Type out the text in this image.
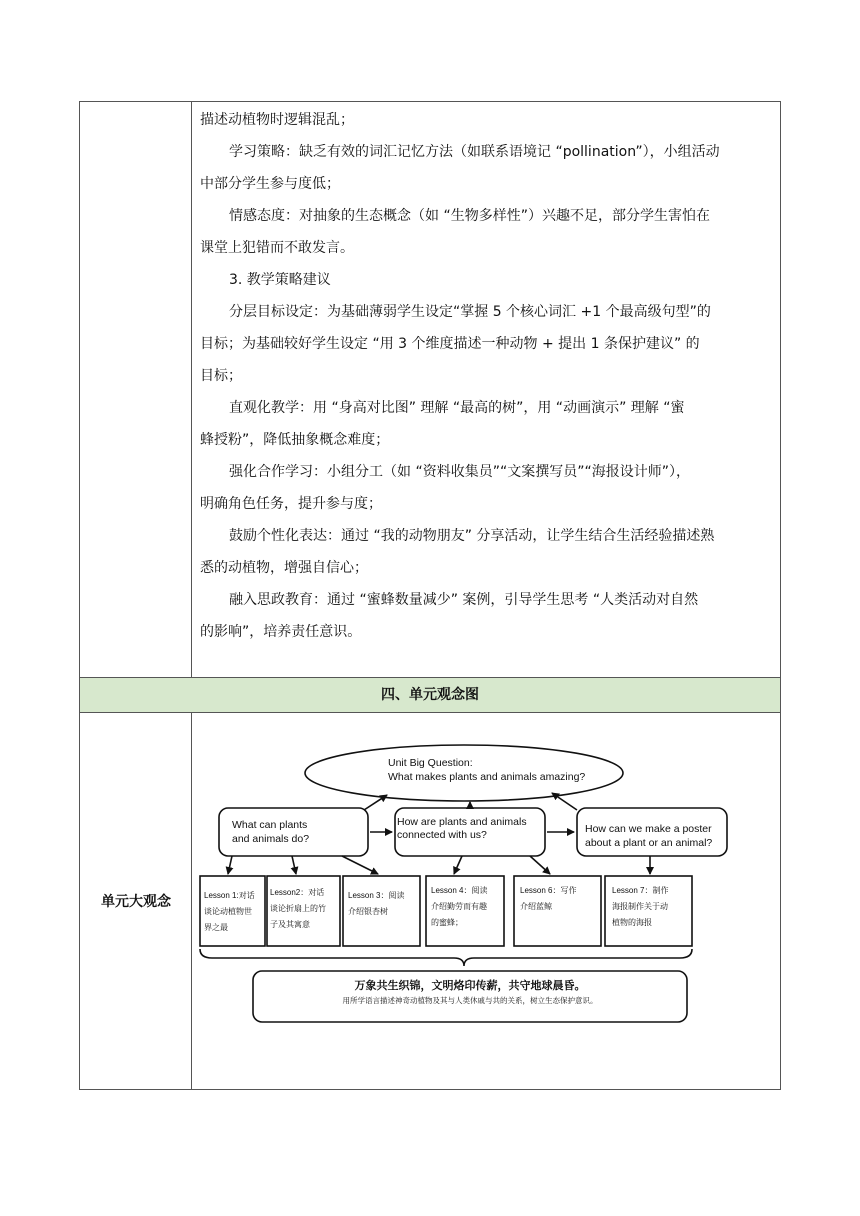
描述动植物时逻辑混乱；

学习策略：缺乏有效的词汇记忆方法（如联系语境记 “pollination”），小组活动

中部分学生参与度低；

情感态度：对抽象的生态概念（如 “生物多样性”）兴趣不足，部分学生害怕在

课堂上犯错而不敢发言。

3. 教学策略建议

分层目标设定：为基础薄弱学生设定“掌握 5 个核心词汇 +1 个最高级句型”的

目标；为基础较好学生设定 “用 3 个维度描述一种动物 + 提出 1 条保护建议” 的

目标；

直观化教学：用 “身高对比图” 理解 “最高的树”，用 “动画演示” 理解 “蜜

蜂授粉”，降低抽象概念难度；

强化合作学习：小组分工（如 “资料收集员”“文案撰写员”“海报设计师”），

明确角色任务，提升参与度；

鼓励个性化表达：通过 “我的动物朋友” 分享活动，让学生结合生活经验描述熟

悉的动植物，增强自信心；

融入思政教育：通过 “蜜蜂数量减少” 案例，引导学生思考 “人类活动对自然

的影响”，培养责任意识。

四、单元观念图
单元大观念
Unit Big Question:
What makes plants and animals amazing?
What can plants
and animals do?
How are plants and animals
connected with us?	How can we make a poster
about a plant or an animal?
Lesson 1:对话
谈论动植物世
界之最
Lesson2：对话
谈论折扇上的竹
子及其寓意
Lesson 3：阅读
介绍银杏树
Lesson 4：阅读
介绍勤劳而有趣
的蜜蜂；
Lesson 6：写作
介绍蓝鲸
Lesson 7：制作
海报制作关于动
植物的海报
万象共生织锦，文明烙印传薪，共守地球晨昏。
用所学语言描述神奇动植物及其与人类休戚与共的关系，树立生态保护意识。
